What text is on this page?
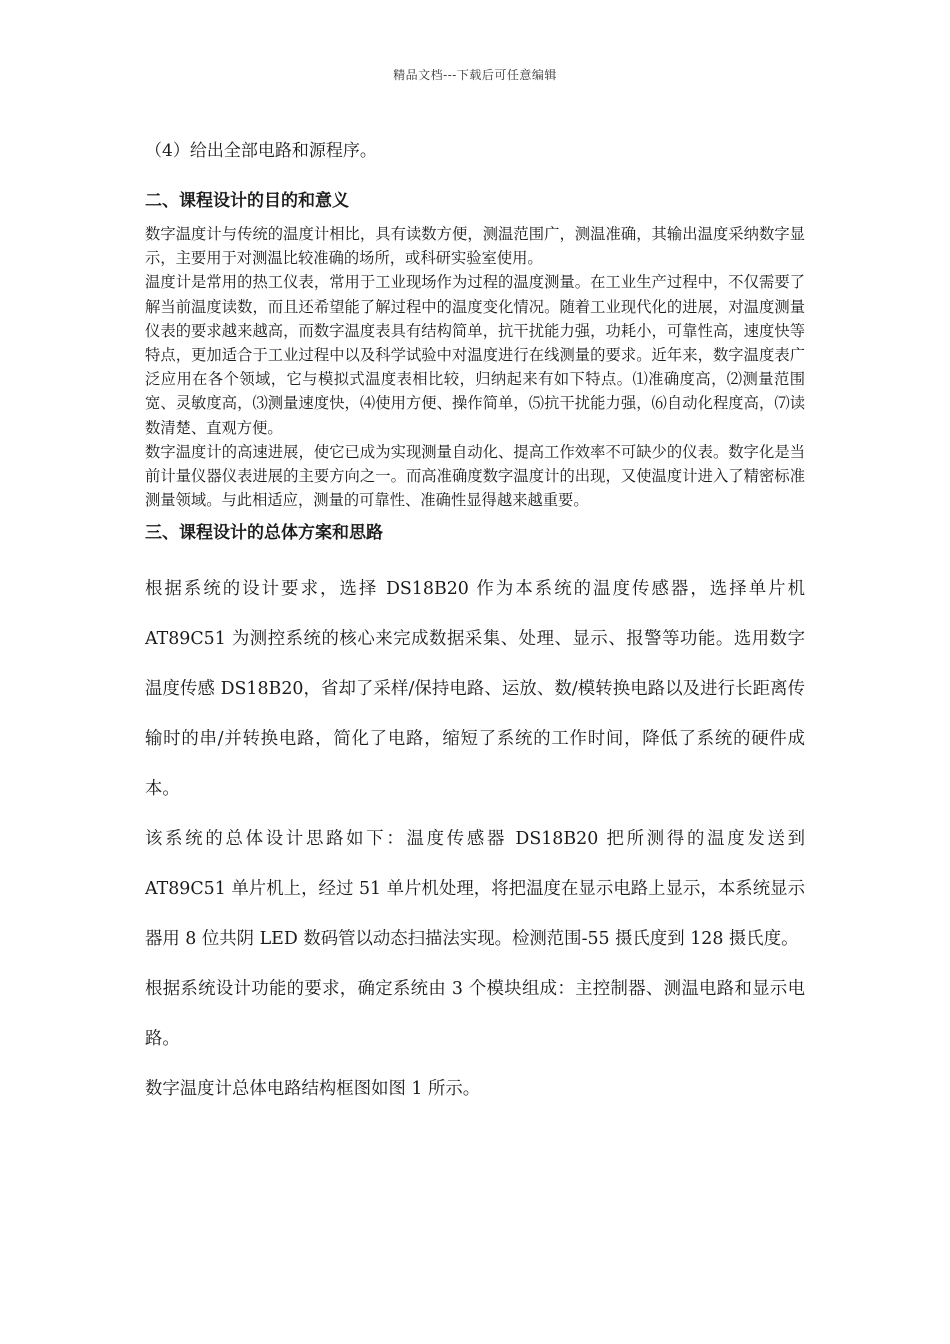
精品文档---下载后可任意编辑

（4）给出全部电路和源程序。

二、课程设计的目的和意义

数字温度计与传统的温度计相比，具有读数方便，测温范围广，测温准确，其输出温度采纳数字显示，主要用于对测温比较准确的场所，或科研实验室使用。

温度计是常用的热工仪表，常用于工业现场作为过程的温度测量。在工业生产过程中，不仅需要了解当前温度读数，而且还希望能了解过程中的温度变化情况。随着工业现代化的进展，对温度测量仪表的要求越来越高，而数字温度表具有结构简单，抗干扰能力强，功耗小，可靠性高，速度快等特点，更加适合于工业过程中以及科学试验中对温度进行在线测量的要求。近年来，数字温度表广泛应用在各个领域，它与模拟式温度表相比较，归纳起来有如下特点。⑴准确度高，⑵测量范围宽、灵敏度高，⑶测量速度快，⑷使用方便、操作简单，⑸抗干扰能力强，⑹自动化程度高，⑺读数清楚、直观方便。

数字温度计的高速进展，使它已成为实现测量自动化、提高工作效率不可缺少的仪表。数字化是当前计量仪器仪表进展的主要方向之一。而高准确度数字温度计的出现，又使温度计进入了精密标准测量领域。与此相适应，测量的可靠性、准确性显得越来越重要。

三、课程设计的总体方案和思路

根据系统的设计要求，选择 DS18B20 作为本系统的温度传感器，选择单片机 AT89C51 为测控系统的核心来完成数据采集、处理、显示、报警等功能。选用数字温度传感 DS18B20，省却了采样/保持电路、运放、数/模转换电路以及进行长距离传输时的串/并转换电路，简化了电路，缩短了系统的工作时间，降低了系统的硬件成本。

该系统的总体设计思路如下：温度传感器 DS18B20 把所测得的温度发送到 AT89C51 单片机上，经过 51 单片机处理，将把温度在显示电路上显示，本系统显示器用 8 位共阴 LED 数码管以动态扫描法实现。检测范围-55 摄氏度到 128 摄氏度。

根据系统设计功能的要求，确定系统由 3 个模块组成：主控制器、测温电路和显示电路。

数字温度计总体电路结构框图如图 1 所示。
